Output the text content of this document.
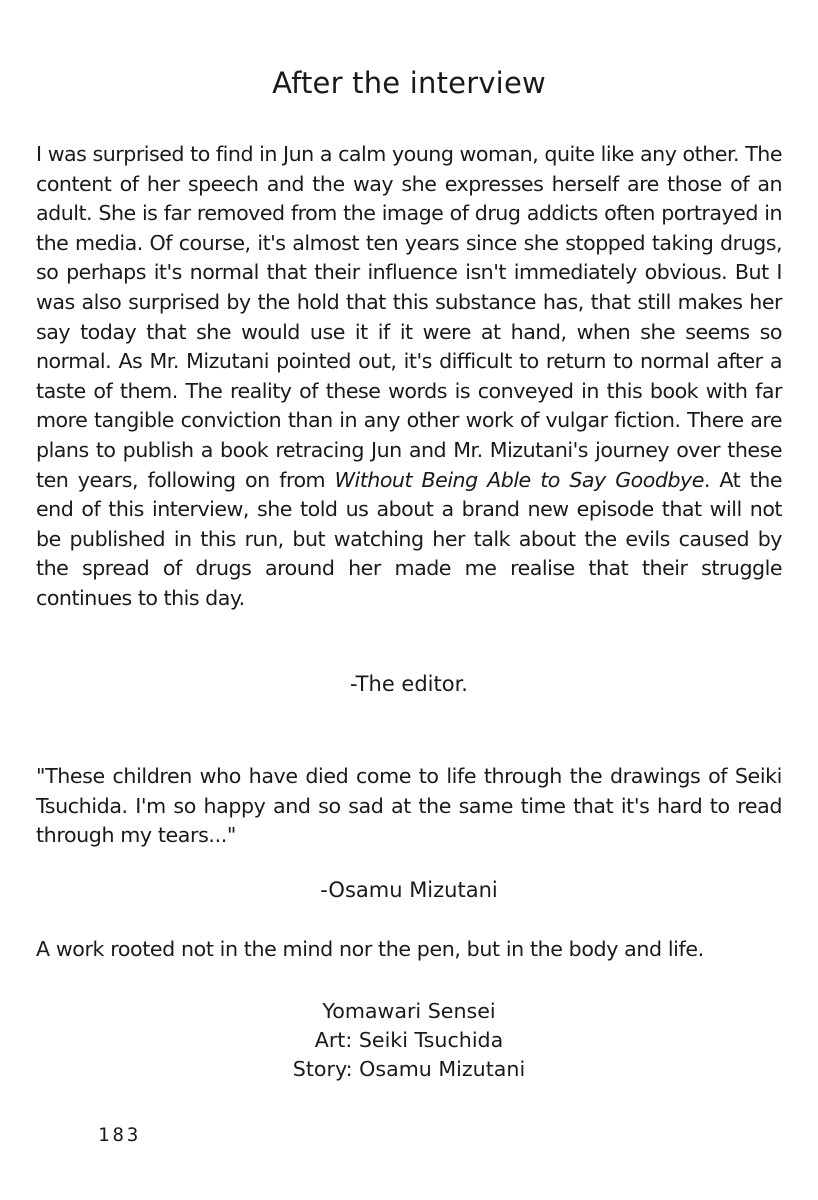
After the interview

I was surprised to find in Jun a calm young woman, quite like any other. The content of her speech and the way she expresses herself are those of an adult. She is far removed from the image of drug addicts often portrayed in the media. Of course, it's almost ten years since she stopped taking drugs, so perhaps it's normal that their influence isn't immediately obvious. But I was also surprised by the hold that this substance has, that still makes her say today that she would use it if it were at hand, when she seems so normal. As Mr. Mizutani pointed out, it's difficult to return to normal after a taste of them. The reality of these words is conveyed in this book with far more tangible conviction than in any other work of vulgar fiction. There are plans to publish a book retracing Jun and Mr. Mizutani's journey over these ten years, following on from Without Being Able to Say Goodbye. At the end of this interview, she told us about a brand new episode that will not be published in this run, but watching her talk about the evils caused by the spread of drugs around her made me realise that their struggle continues to this day.

-The editor.

"These children who have died come to life through the drawings of Seiki Tsuchida. I'm so happy and so sad at the same time that it's hard to read through my tears..."

-Osamu Mizutani

A work rooted not in the mind nor the pen, but in the body and life.

Yomawari Sensei
Art: Seiki Tsuchida
Story: Osamu Mizutani

183
